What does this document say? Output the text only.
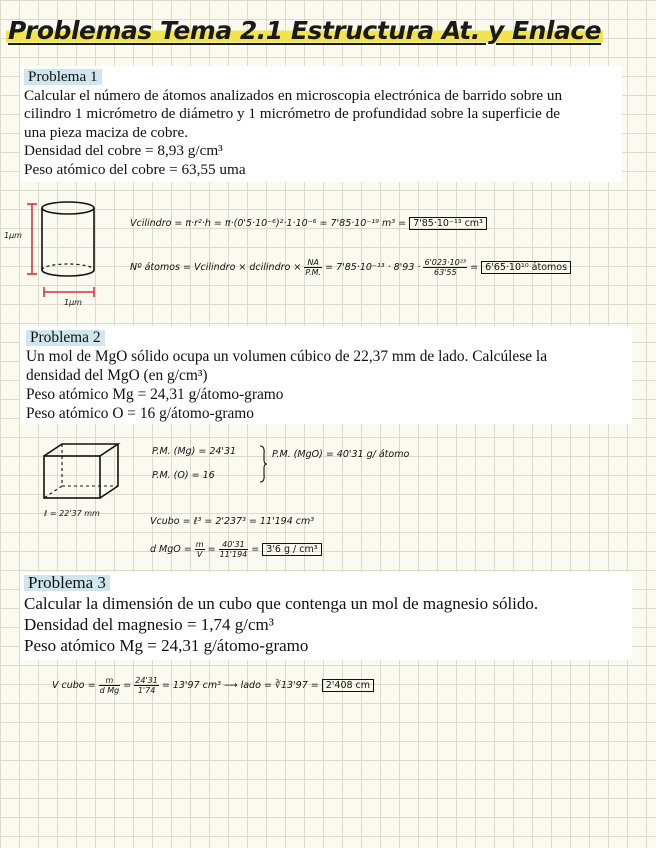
Problemas Tema 2.1 Estructura At. y Enlace
Problema 1
Calcular el número de átomos analizados en microscopia electrónica de barrido sobre un
cilindro 1 micrómetro de diámetro y 1 micrómetro de profundidad sobre la superficie de
una pieza maciza de cobre.
Densidad del cobre = 8,93 g/cm³
Peso atómico del cobre = 63,55 uma
1μm
1μm
Vcilindro = π·r²·h = π·(0'5·10⁻⁶)²·1·10⁻⁶ = 7'85·10⁻¹⁹ m³ = 7'85·10⁻¹³ cm³
Nº átomos = Vcilindro × dcilindro × $\frac{NA}{P.M.} = 7'85\cdot 10^{-13} \cdot 8'93 \cdot \frac{\text{6'023·10²³}}{63'55} = 6'65\cdot 10^{10}$ átomos
Problema 2
Un mol de MgO sólido ocupa un volumen cúbico de 22,37 mm de lado. Calcúlese la
densidad del MgO (en g/cm³)
Peso atómico Mg = 24,31 g/átomo-gramo
Peso atómico O = 16 g/átomo-gramo
ℓ = 22'37 mm
P.M. (Mg) = 24'31
P.M. (O) = 16
P.M. (MgO) = 40'31 g/ átomo
Vcubo = ℓ³ = 2'237³ = 11'194 cm³
d MgO = $\frac{m}{V} = \frac{40'31}{11'194} = 3'6$ g / cm³
Problema 3
Calcular la dimensión de un cubo que contenga un mol de magnesio sólido.
Densidad del magnesio = 1,74 g/cm³
Peso atómico Mg = 24,31 g/átomo-gramo
V cubo = $\frac{m}{\text{d Mg}} = \frac{24'31}{1'74} = 13'97$ cm³ ⟶ lado = ∛13'97 = 2'408 cm
